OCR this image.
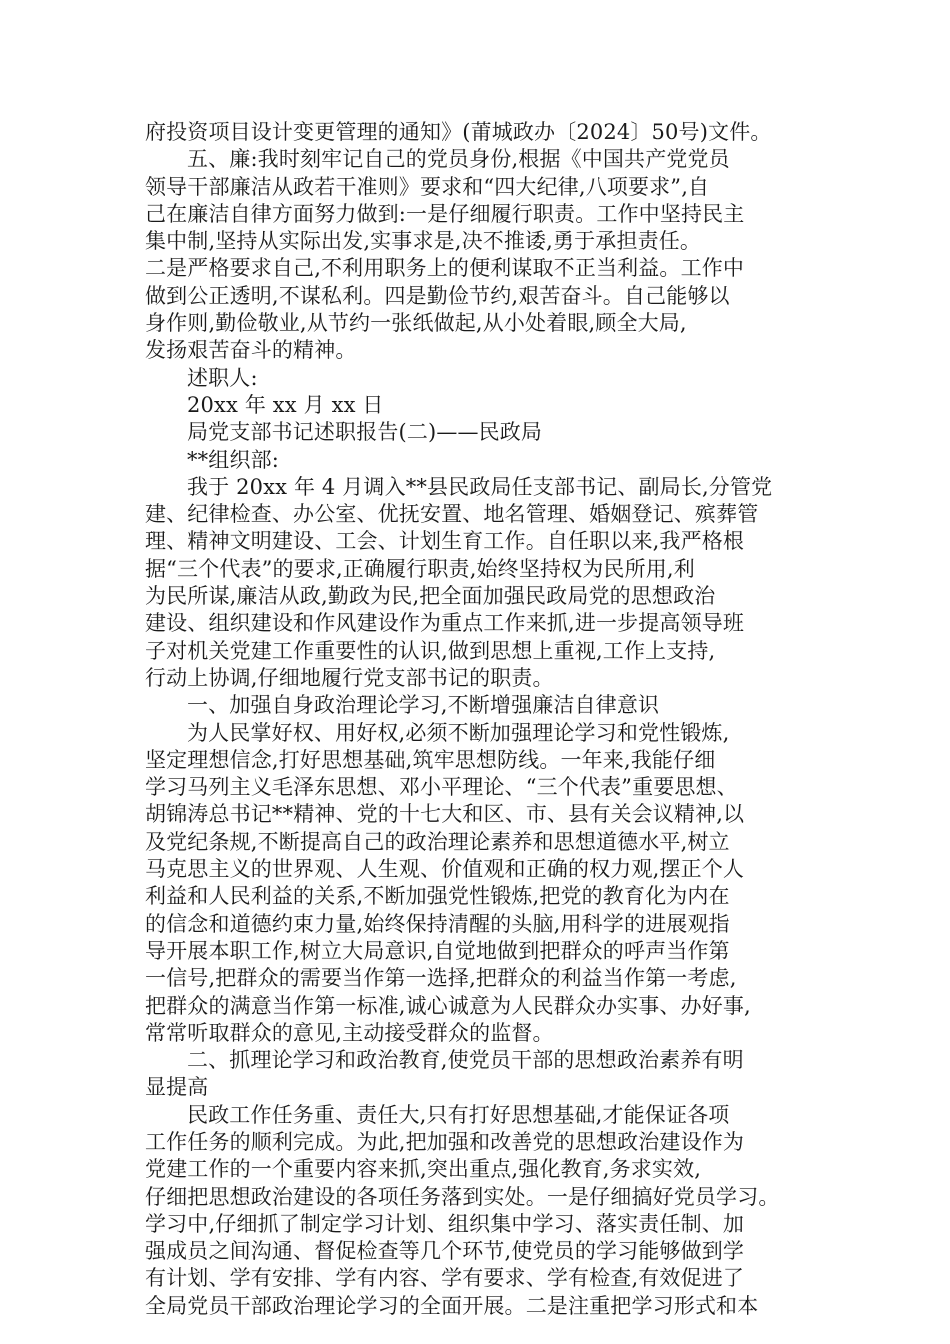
府投资项目设计变更管理的通知》(莆城政办〔2024〕50号)文件。
五、廉:我时刻牢记自己的党员身份,根据《中国共产党党员
领导干部廉洁从政若干准则》要求和“四大纪律,八项要求”,自
己在廉洁自律方面努力做到:一是仔细履行职责。工作中坚持民主
集中制,坚持从实际出发,实事求是,决不推诿,勇于承担责任。
二是严格要求自己,不利用职务上的便利谋取不正当利益。工作中
做到公正透明,不谋私利。四是勤俭节约,艰苦奋斗。自己能够以
身作则,勤俭敬业,从节约一张纸做起,从小处着眼,顾全大局,
发扬艰苦奋斗的精神。
述职人:
20xx 年 xx 月 xx 日
局党支部书记述职报告(二)——民政局
**组织部:
我于 20xx 年 4 月调入**县民政局任支部书记、副局长,分管党
建、纪律检查、办公室、优抚安置、地名管理、婚姻登记、殡葬管
理、精神文明建设、工会、计划生育工作。自任职以来,我严格根
据“三个代表”的要求,正确履行职责,始终坚持权为民所用,利
为民所谋,廉洁从政,勤政为民,把全面加强民政局党的思想政治
建设、组织建设和作风建设作为重点工作来抓,进一步提高领导班
子对机关党建工作重要性的认识,做到思想上重视,工作上支持,
行动上协调,仔细地履行党支部书记的职责。
一、加强自身政治理论学习,不断增强廉洁自律意识
为人民掌好权、用好权,必须不断加强理论学习和党性锻炼,
坚定理想信念,打好思想基础,筑牢思想防线。一年来,我能仔细
学习马列主义毛泽东思想、邓小平理论、“三个代表”重要思想、
胡锦涛总书记**精神、党的十七大和区、市、县有关会议精神,以
及党纪条规,不断提高自己的政治理论素养和思想道德水平,树立
马克思主义的世界观、人生观、价值观和正确的权力观,摆正个人
利益和人民利益的关系,不断加强党性锻炼,把党的教育化为内在
的信念和道德约束力量,始终保持清醒的头脑,用科学的进展观指
导开展本职工作,树立大局意识,自觉地做到把群众的呼声当作第
一信号,把群众的需要当作第一选择,把群众的利益当作第一考虑,
把群众的满意当作第一标准,诚心诚意为人民群众办实事、办好事,
常常听取群众的意见,主动接受群众的监督。
二、抓理论学习和政治教育,使党员干部的思想政治素养有明
显提高
民政工作任务重、责任大,只有打好思想基础,才能保证各项
工作任务的顺利完成。为此,把加强和改善党的思想政治建设作为
党建工作的一个重要内容来抓,突出重点,强化教育,务求实效,
仔细把思想政治建设的各项任务落到实处。一是仔细搞好党员学习。
学习中,仔细抓了制定学习计划、组织集中学习、落实责任制、加
强成员之间沟通、督促检查等几个环节,使党员的学习能够做到学
有计划、学有安排、学有内容、学有要求、学有检查,有效促进了
全局党员干部政治理论学习的全面开展。二是注重把学习形式和本
